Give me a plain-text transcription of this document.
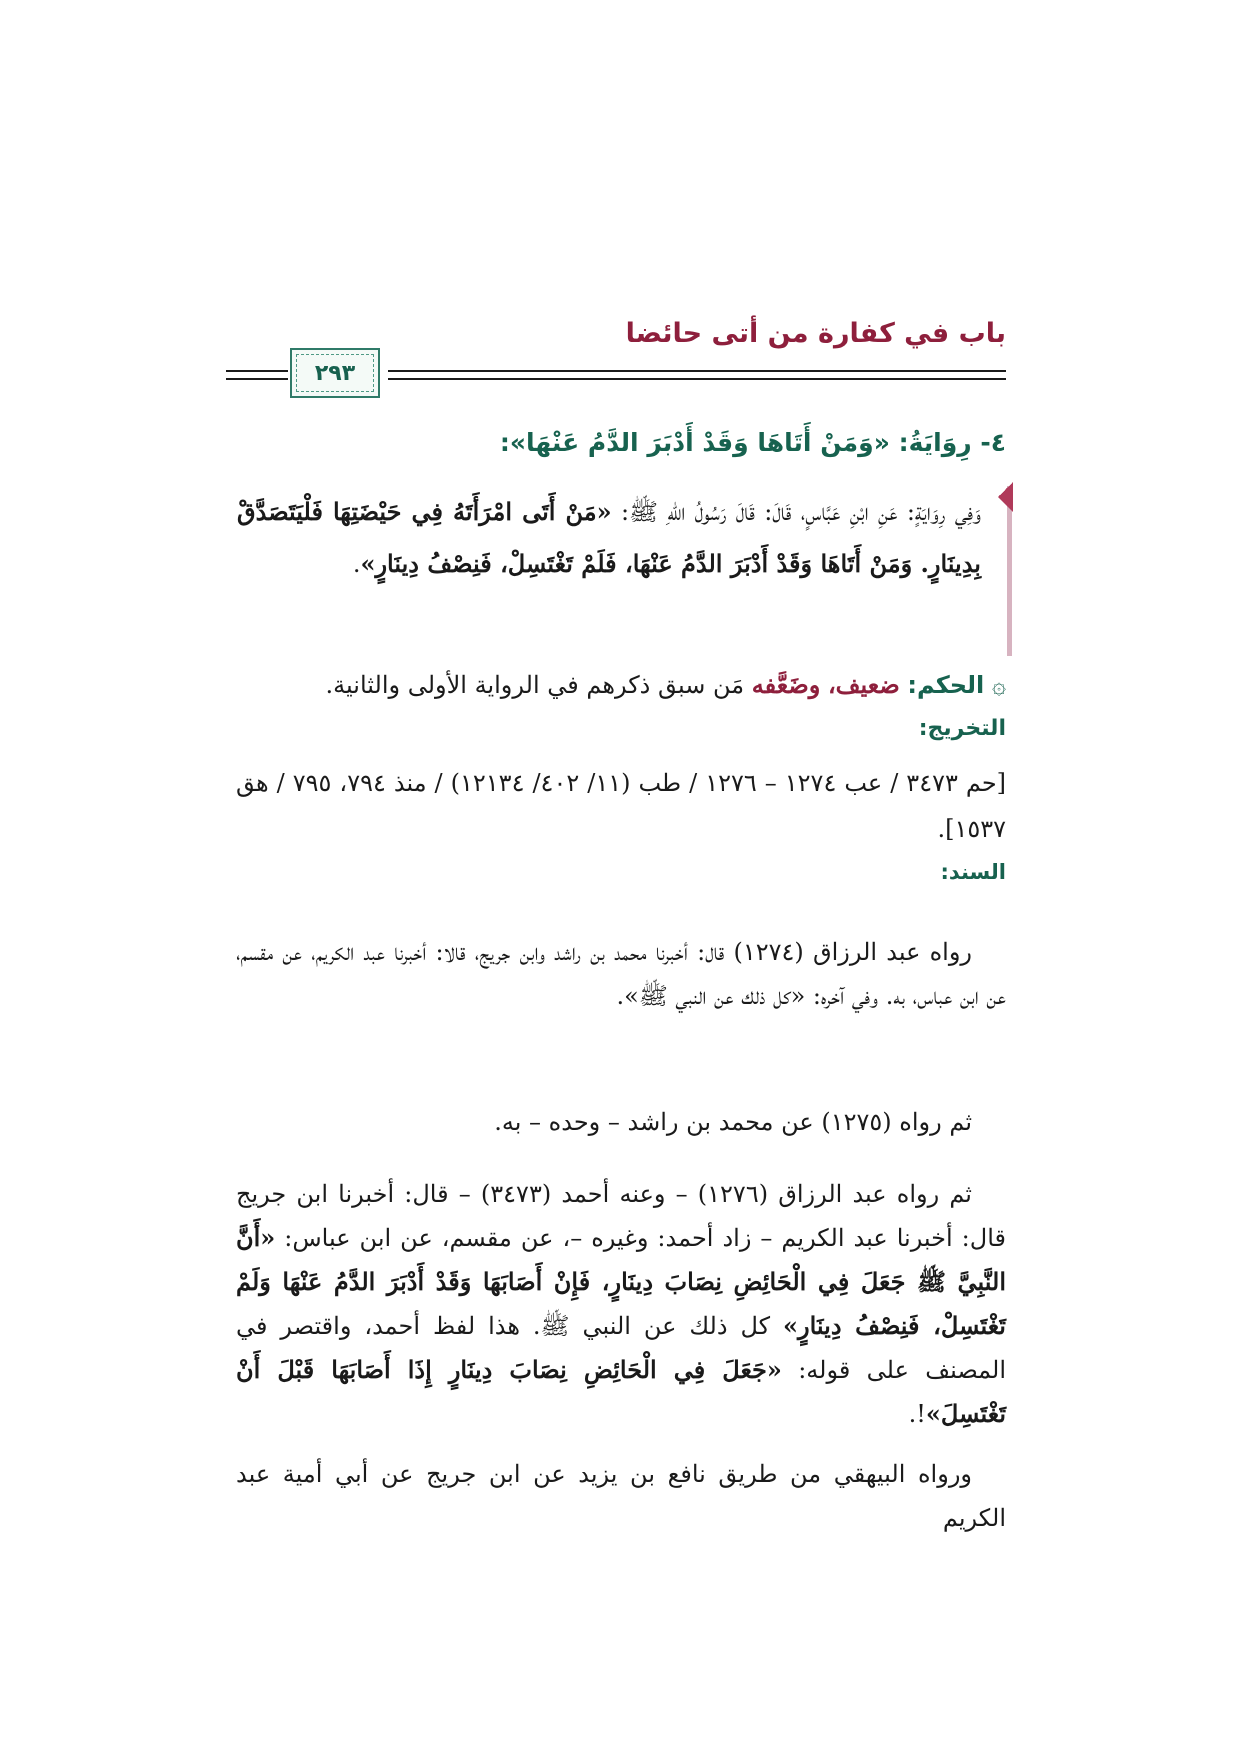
باب في كفارة من أتى حائضا
٢٩٣
٤- رِوَايَةُ: «وَمَنْ أَتَاهَا وَقَدْ أَدْبَرَ الدَّمُ عَنْهَا»:
وَفِي رِوَايَةٍ: عَنِ ابْنِ عَبَّاسٍ، قَالَ: قَالَ رَسُولُ اللهِ ﷺ: «مَنْ أَتَى امْرَأَتَهُ فِي حَيْضَتِهَا فَلْيَتَصَدَّقْ بِدِينَارٍ. وَمَنْ أَتَاهَا وَقَدْ أَدْبَرَ الدَّمُ عَنْهَا، فَلَمْ تَغْتَسِلْ، فَنِصْفُ دِينَارٍ».
۞ الحكم: ضعيف، وضَعَّفه مَن سبق ذكرهم في الرواية الأولى والثانية.
التخريج:
[حم ٣٤٧٣ / عب ١٢٧٤ – ١٢٧٦ / طب (١١/ ٤٠٢/ ١٢١٣٤) / منذ ٧٩٤، ٧٩٥ / هق ١٥٣٧].
السند:
رواه عبد الرزاق (١٢٧٤) قال: أخبرنا محمد بن راشد وابن جريج، قالا: أخبرنا عبد الكريم، عن مقسم، عن ابن عباس، به. وفي آخره: «كل ذلك عن النبي ﷺ».
ثم رواه (١٢٧٥) عن محمد بن راشد – وحده – به.
ثم رواه عبد الرزاق (١٢٧٦) – وعنه أحمد (٣٤٧٣) – قال: أخبرنا ابن جريج قال: أخبرنا عبد الكريم – زاد أحمد: وغيره –، عن مقسم، عن ابن عباس: «أَنَّ النَّبِيَّ ﷺ جَعَلَ فِي الْحَائِضِ نِصَابَ دِينَارٍ، فَإِنْ أَصَابَهَا وَقَدْ أَدْبَرَ الدَّمُ عَنْهَا وَلَمْ تَغْتَسِلْ، فَنِصْفُ دِينَارٍ» كل ذلك عن النبي ﷺ. هذا لفظ أحمد، واقتصر في المصنف على قوله: «جَعَلَ فِي الْحَائِضِ نِصَابَ دِينَارٍ إِذَا أَصَابَهَا قَبْلَ أَنْ تَغْتَسِلَ»!.
ورواه البيهقي من طريق نافع بن يزيد عن ابن جريج عن أبي أمية عبد الكريم
